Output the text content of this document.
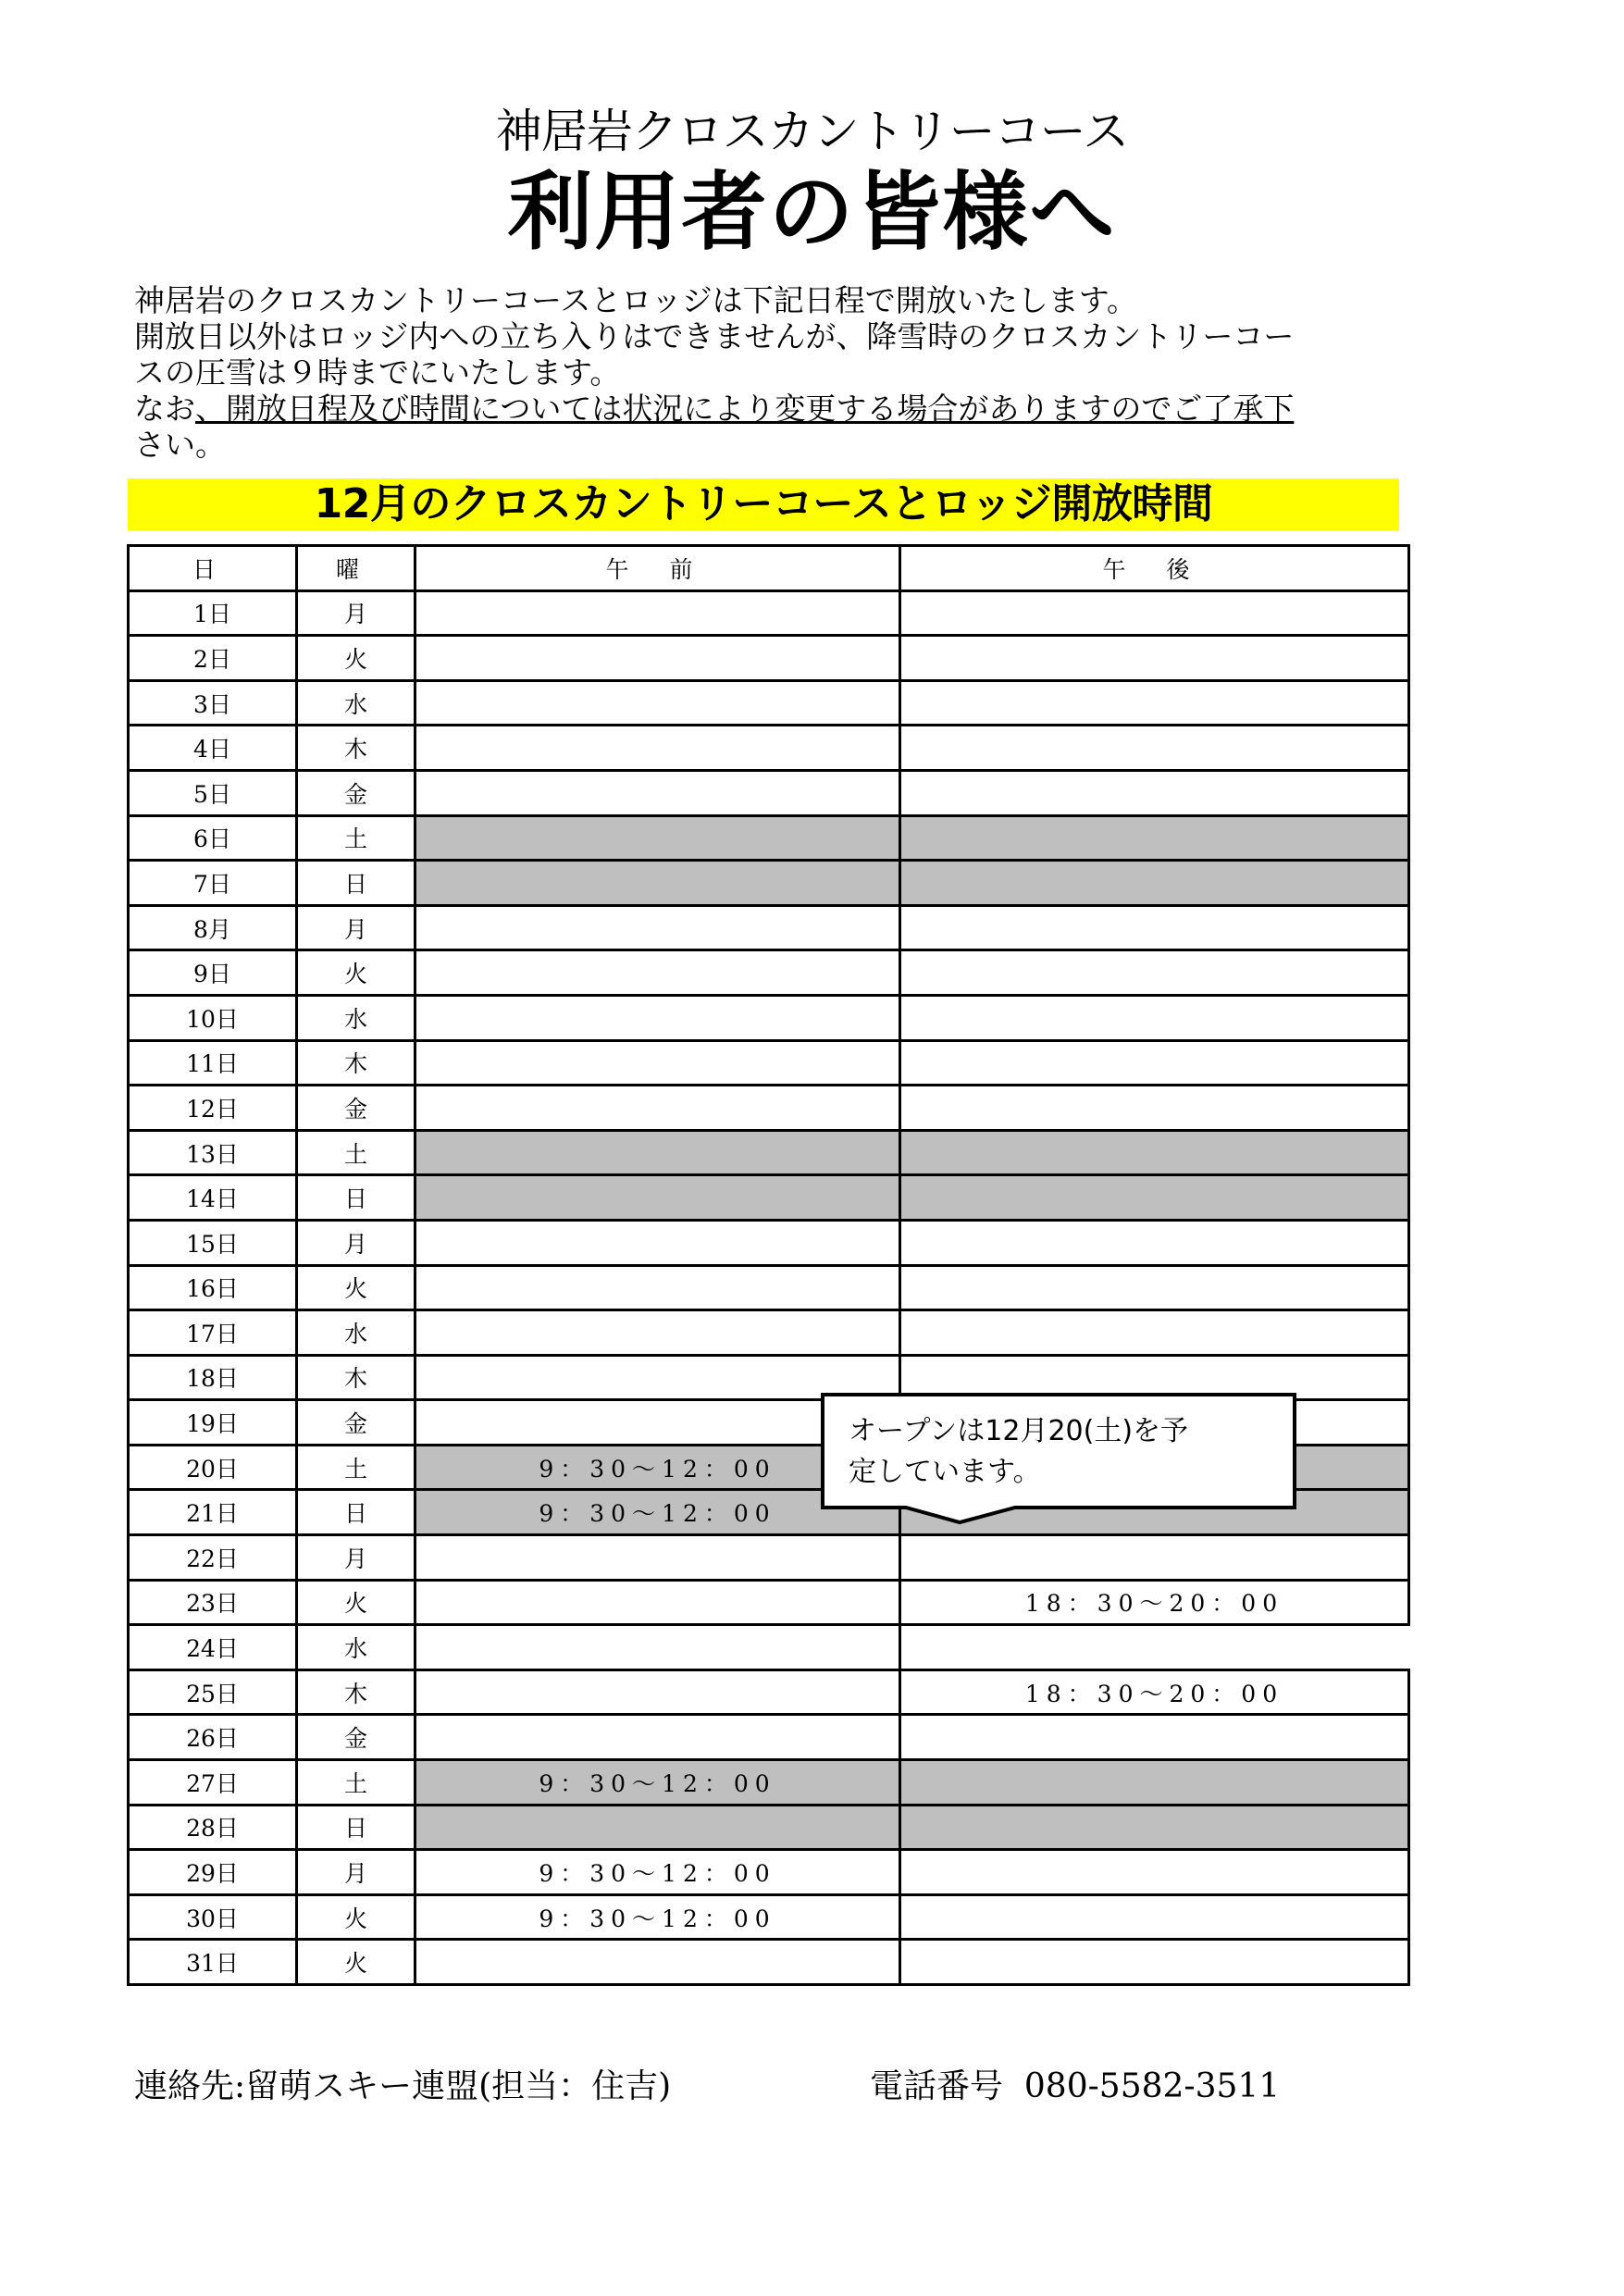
神居岩クロスカントリーコース
利用者の皆様へ

神居岩のクロスカントリーコースとロッジは下記日程で開放いたします。

開放日以外はロッジ内への立ち入りはできませんが、降雪時のクロスカントリーコー

スの圧雪は９時までにいたします。

なお、開放日程及び時間については状況により変更する場合がありますのでご了承下

さい。

12月のクロスカントリーコースとロッジ開放時間
日	曜	午 前	午 後
1日	月		
2日	火		
3日	水		
4日	木		
5日	金		
6日	土		
7日	日		
8月	月		
9日	火		
10日	水		
11日	木		
12日	金		
13日	土		
14日	日		
15日	月		
16日	火		
17日	水		
18日	木		
19日	金		
20日	土	9：30～12：00	
21日	日	9：30～12：00	
22日	月		
23日	火		18：30～20：00
24日	水		
25日	木		18：30～20：00
26日	金		
27日	土	9：30～12：00	
28日	日		
29日	月	9：30～12：00	
30日	火	9：30～12：00	
31日	火		
オープンは12月20(土)を予
定しています。
連絡先:留萌スキー連盟(担当：住吉)	電話番号 080-5582-3511
